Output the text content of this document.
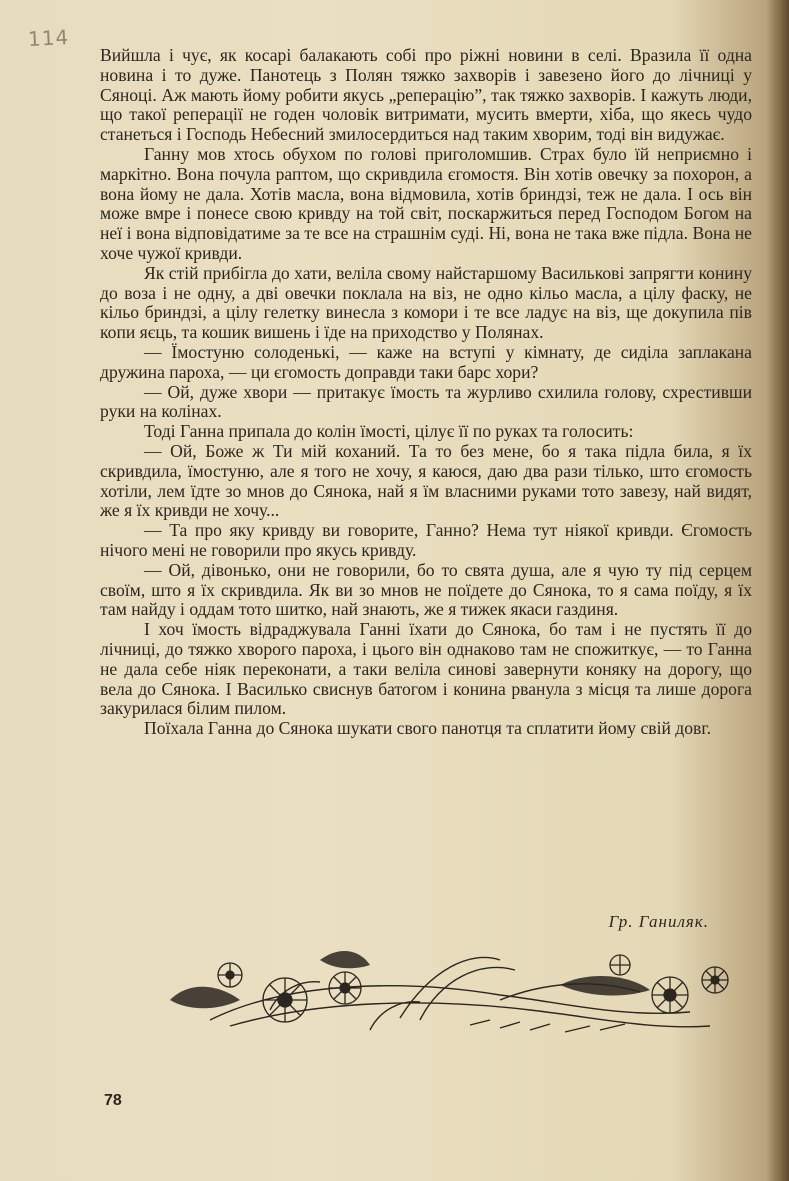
114

Вийшла і чує, як косарі балакають собі про ріжні новини в селі. Вразила її одна новина і то дуже. Панотець з Полян тяжко захворів і завезено його до лічниці у Сяноці. Аж мають йому робити якусь „реперацію”, так тяжко захворів. І кажуть люди, що такої реперації не годен чоловік витримати, мусить вмерти, хіба, що якесь чудо станеться і Господь Небесний змилосердиться над таким хворим, тоді він видужає.

Ганну мов хтось обухом по голові приголомшив. Страх було їй неприємно і маркітно. Вона почула раптом, що скривдила єгомостя. Він хотів овечку за похорон, а вона йому не дала. Хотів масла, вона відмовила, хотів бриндзі, теж не дала. І ось він може вмре і понесе свою кривду на той світ, поскаржиться перед Господом Богом на неї і вона відповідатиме за те все на страшнім суді. Ні, вона не така вже підла. Вона не хоче чужої кривди.

Як стій прибігла до хати, веліла свому найстаршому Василькові запрягти конину до воза і не одну, а дві овечки поклала на віз, не одно кільо масла, а цілу фаску, не кільо бриндзі, а цілу гелетку винесла з комори і те все ладує на віз, ще докупила пів копи яєць, та кошик вишень і їде на приходство у Полянах.

— Їмостуню солоденькі, — каже на вступі у кімнату, де сиділа заплакана дружина пароха, — ци єгомость доправди таки барс хори?

— Ой, дуже хвори — притакує їмость та журливо схилила голову, схрестивши руки на колінах.

Тоді Ганна припала до колін їмості, цілує її по руках та голосить:

— Ой, Боже ж Ти мій коханий. Та то без мене, бо я така підла била, я їх скривдила, їмостуню, але я того не хочу, я каюся, даю два рази тілько, што єгомость хотіли, лем їдте зо мнов до Сянока, най я їм власними руками тото завезу, най видят, же я їх кривди не хочу...

— Та про яку кривду ви говорите, Ганно? Нема тут ніякої кривди. Єгомость нічого мені не говорили про якусь кривду.

— Ой, дівонько, они не говорили, бо то свята душа, але я чую ту під серцем своїм, што я їх скривдила. Як ви зо мнов не поїдете до Сянока, то я сама поїду, я їх там найду і оддам тото шитко, най знають, же я тижек якаси газдиня.

І хоч їмость відраджувала Ганні їхати до Сянока, бо там і не пустять її до лічниці, до тяжко хворого пароха, і цього він однаково там не спожиткує, — то Ганна не дала себе ніяк переконати, а таки веліла синові завернути коняку на дорогу, що вела до Сянока. І Василько свиснув батогом і конина рванула з місця та лише дорога закурилася білим пилом.

Поїхала Ганна до Сянока шукати свого панотця та сплатити йому свій довг.

Гр. Ганиляк.
78
